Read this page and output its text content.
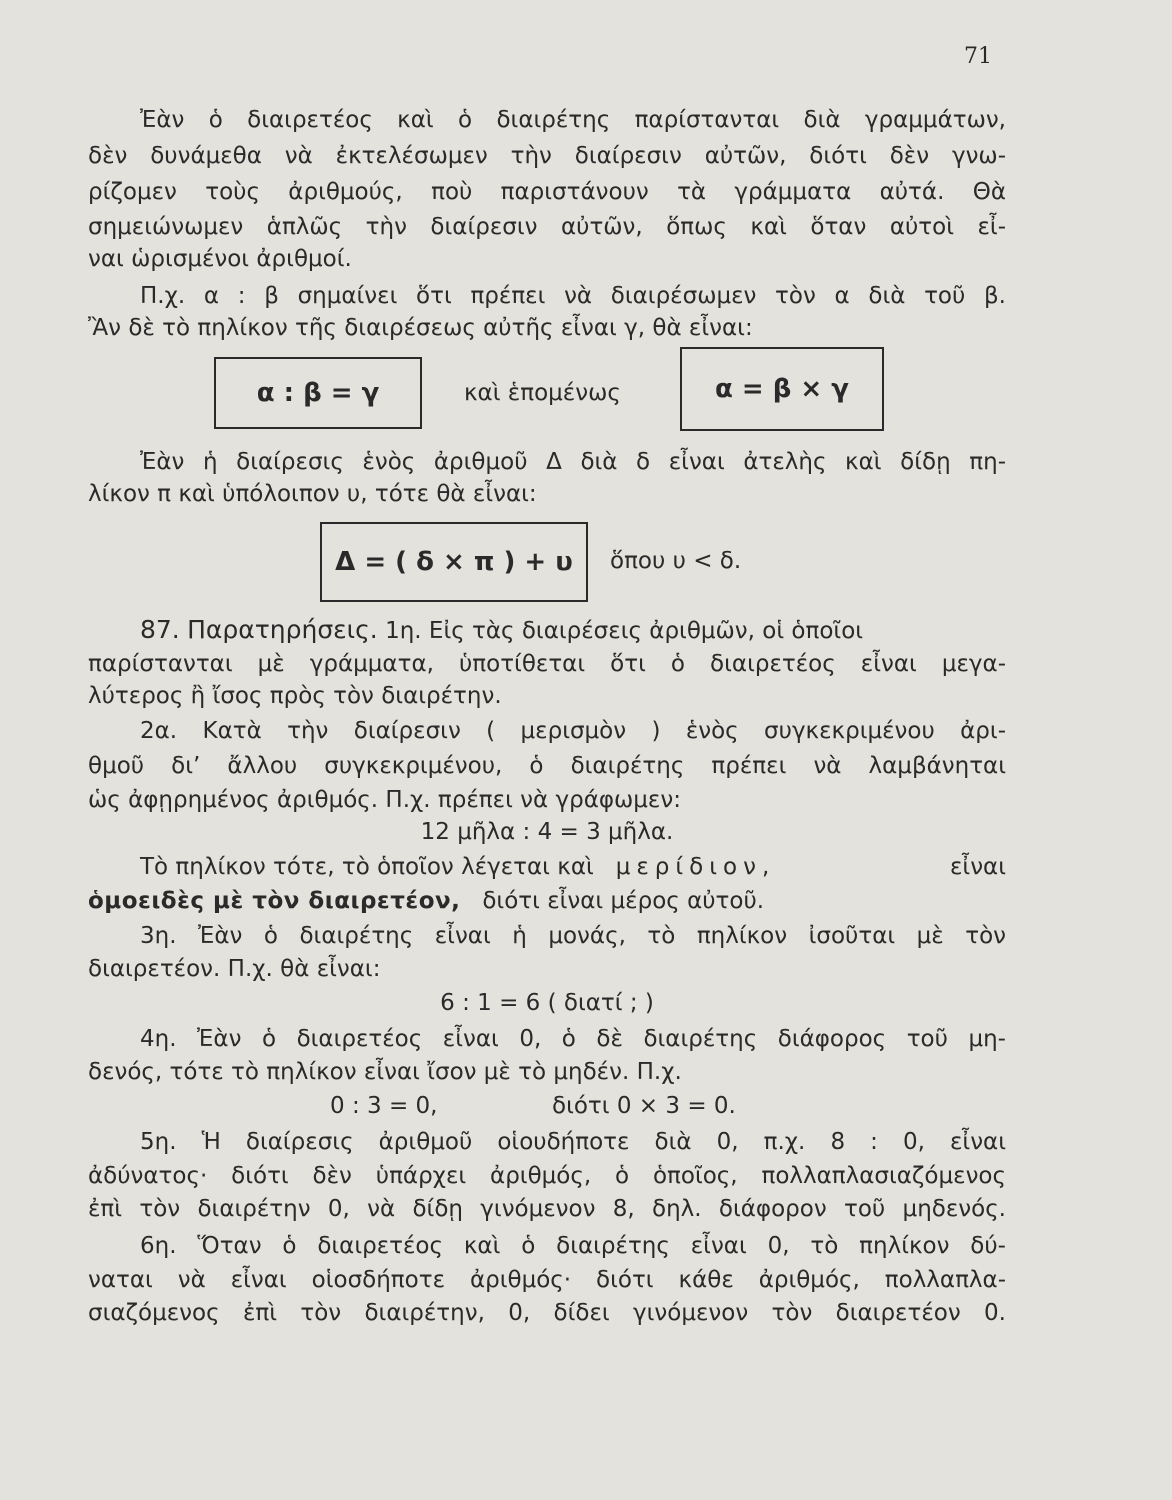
71
Ἐὰν ὁ διαιρετέος καὶ ὁ διαιρέτης παρίστανται διὰ γραμμάτων,
δὲν δυνάμεθα νὰ ἐκτελέσωμεν τὴν διαίρεσιν αὐτῶν, διότι δὲν γνω-
ρίζομεν τοὺς ἀριθμούς, ποὺ παριστάνουν τὰ γράμματα αὐτά. Θὰ
σημειώνωμεν ἁπλῶς τὴν διαίρεσιν αὐτῶν, ὅπως καὶ ὅταν αὐτοὶ εἶ-
ναι ὡρισμένοι ἀριθμοί.
Π.χ. α : β σημαίνει ὅτι πρέπει νὰ διαιρέσωμεν τὸν α διὰ τοῦ β.
Ἂν δὲ τὸ πηλίκον τῆς διαιρέσεως αὐτῆς εἶναι γ, θὰ εἶναι:
α : β = γ	καὶ ἑπομένως	α = β × γ
Ἐὰν ἡ διαίρεσις ἑνὸς ἀριθμοῦ Δ διὰ δ εἶναι ἀτελὴς καὶ δίδῃ πη-
λίκον π καὶ ὑπόλοιπον υ, τότε θὰ εἶναι:
Δ = ( δ × π ) + υ	ὅπου υ < δ.
87. Παρατηρήσεις. 1η. Εἰς τὰς διαιρέσεις ἀριθμῶν, οἱ ὁποῖοι
παρίστανται μὲ γράμματα, ὑποτίθεται ὅτι ὁ διαιρετέος εἶναι μεγα-
λύτερος ἢ ἴσος πρὸς τὸν διαιρέτην.
2α. Κατὰ τὴν διαίρεσιν ( μερισμὸν ) ἑνὸς συγκεκριμένου ἀρι-
θμοῦ δι’ ἄλλου συγκεκριμένου, ὁ διαιρέτης πρέπει νὰ λαμβάνηται
ὡς ἀφῃρημένος ἀριθμός. Π.χ. πρέπει νὰ γράφωμεν:
12 μῆλα : 4 = 3 μῆλα.
Τὸ πηλίκον τότε, τὸ ὁποῖον λέγεται καὶ μερίδιον,	εἶναι
ὁμοειδὲς μὲ τὸν διαιρετέον, διότι εἶναι μέρος αὐτοῦ.
3η. Ἐὰν ὁ διαιρέτης εἶναι ἡ μονάς, τὸ πηλίκον ἰσοῦται μὲ τὸν
διαιρετέον. Π.χ. θὰ εἶναι:
6 : 1 = 6 ( διατί ; )
4η. Ἐὰν ὁ διαιρετέος εἶναι 0, ὁ δὲ διαιρέτης διάφορος τοῦ μη-
δενός, τότε τὸ πηλίκον εἶναι ἴσον μὲ τὸ μηδέν. Π.χ.
0 : 3 = 0,	διότι 0 × 3 = 0.
5η. Ἡ διαίρεσις ἀριθμοῦ οἱουδήποτε διὰ 0, π.χ. 8 : 0, εἶναι
ἀδύνατος· διότι δὲν ὑπάρχει ἀριθμός, ὁ ὁποῖος, πολλαπλασιαζόμενος
ἐπὶ τὸν διαιρέτην 0, νὰ δίδῃ γινόμενον 8, δηλ. διάφορον τοῦ μηδενός.
6η. Ὅταν ὁ διαιρετέος καὶ ὁ διαιρέτης εἶναι 0, τὸ πηλίκον δύ-
ναται νὰ εἶναι οἱοσδήποτε ἀριθμός· διότι κάθε ἀριθμός, πολλαπλα-
σιαζόμενος ἐπὶ τὸν διαιρέτην, 0, δίδει γινόμενον τὸν διαιρετέον 0.
